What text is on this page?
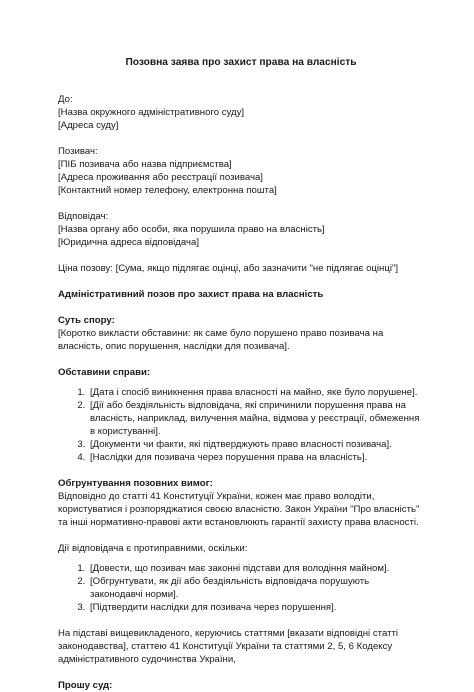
Позовна заява про захист права на власність
До:
[Назва окружного адміністративного суду]
[Адреса суду]
Позивач:
[ПІБ позивача або назва підприємства]
[Адреса проживання або реєстрації позивача]
[Контактний номер телефону, електронна пошта]
Відповідач:
[Назва органу або особи, яка порушила право на власність]
[Юридична адреса відповідача]
Ціна позову: [Сума, якщо підлягає оцінці, або зазначити "не підлягає оцінці"]
Адміністративний позов про захист права на власність
Суть спору:

[Коротко викласти обставини: як саме було порушено право позивача на власність, опис порушення, наслідки для позивача].

Обставини справи:
1. [Дата і спосіб виникнення права власності на майно, яке було порушене].
2. [Дії або бездіяльність відповідача, які спричинили порушення права на власність, наприклад, вилучення майна, відмова у реєстрації, обмеження в користуванні].
3. [Документи чи факти, які підтверджують право власності позивача].
4. [Наслідки для позивача через порушення права на власність].
Обгрунтування позовних вимог:

Відповідно до статті 41 Конституції України, кожен має право володіти, користуватися і розпоряджатися своєю власністю. Закон України "Про власність" та інші нормативно-правові акти встановлюють гарантії захисту права власності.

Дії відповідача є протиправними, оскільки:
1. [Довести, що позивач має законні підстави для володіння майном].
2. [Обгрунтувати, як дії або бездіяльність відповідача порушують законодавчі норми].
3. [Підтвердити наслідки для позивача через порушення].

На підставі вищевикладеного, керуючись статтями [вказати відповідні статті законодавства], статтею 41 Конституції України та статтями 2, 5, 6 Кодексу адміністративного судочинства України,

Прошу суд:
